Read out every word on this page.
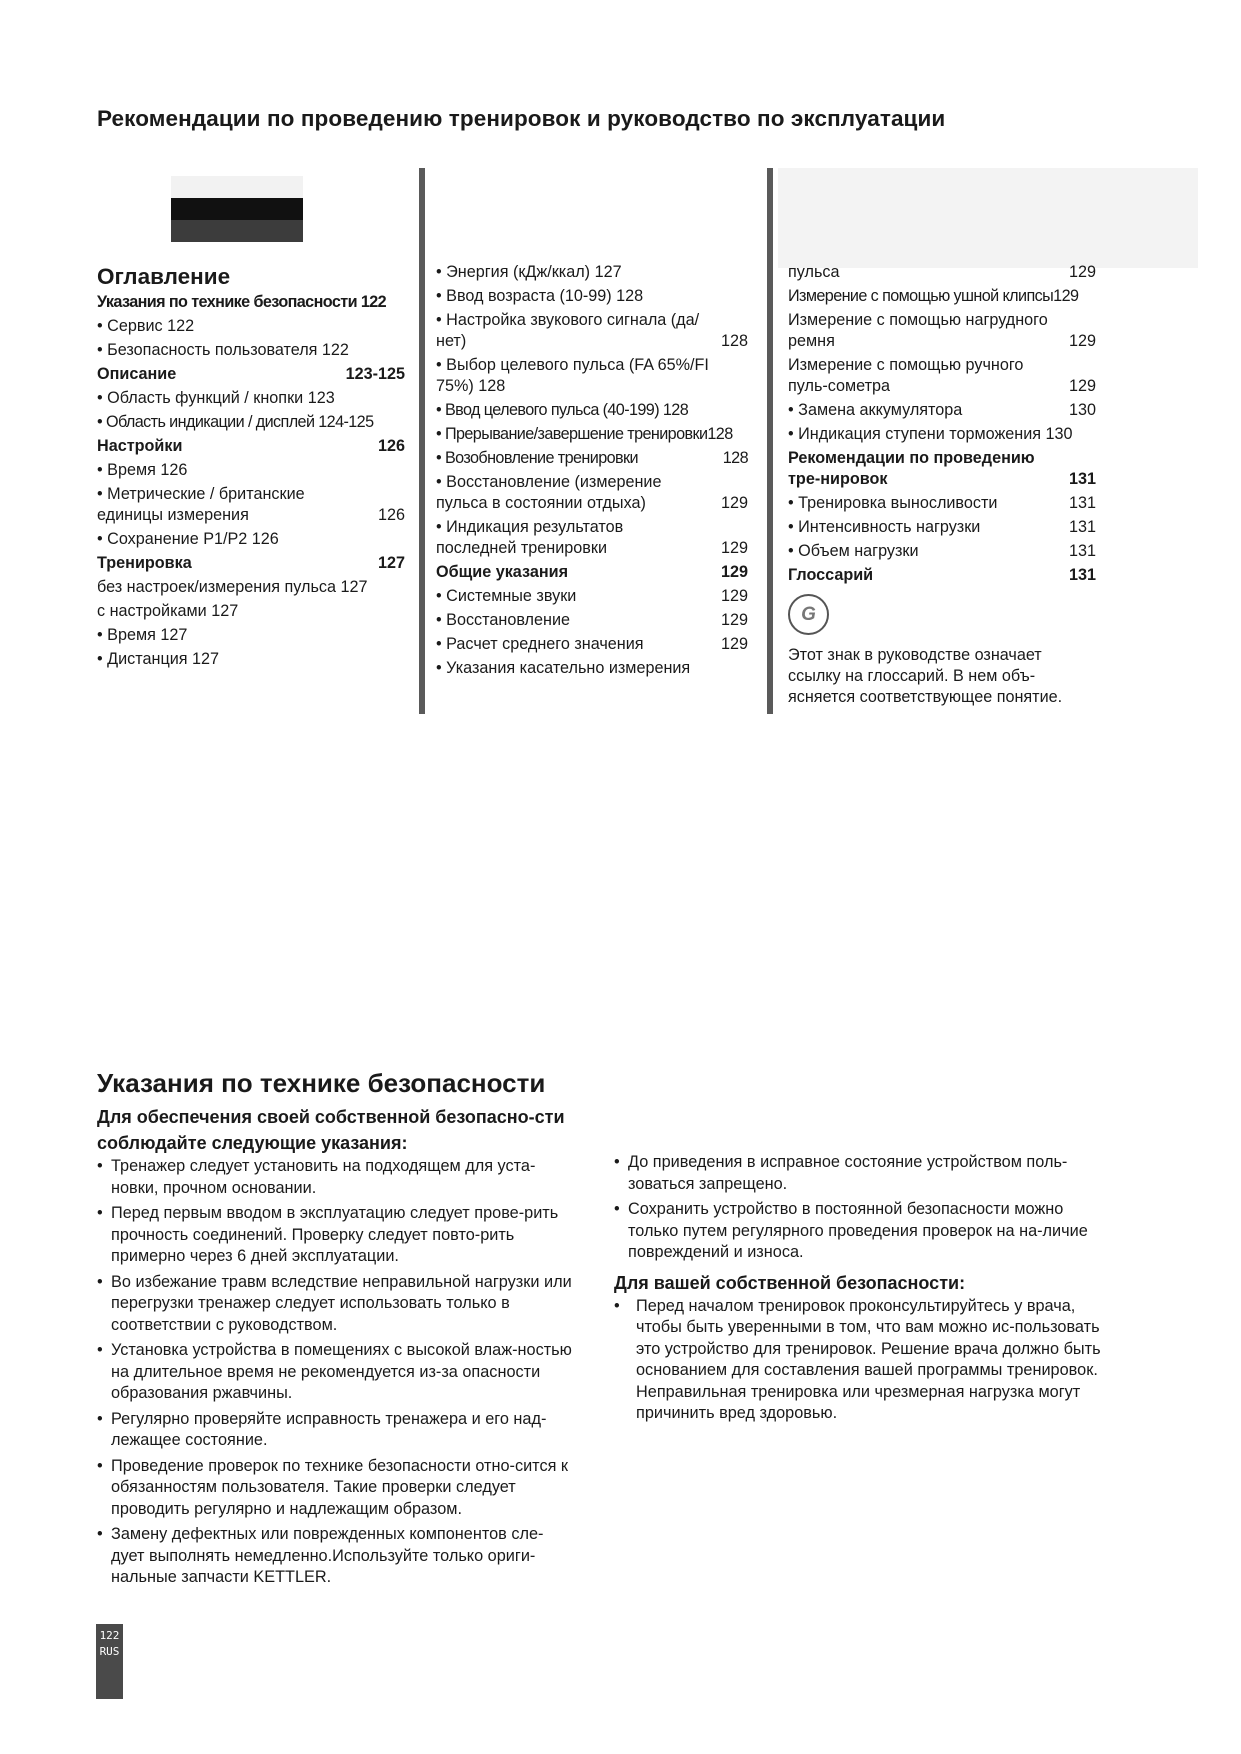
Рекомендации по проведению тренировок и руководство по эксплуатации
Оглавление
Указания по технике безопасности 122
• Сервис 122
• Безопасность пользователя 122
Описание	123-125
• Область функций / кнопки 123
• Область индикации / дисплей 124-125
Настройки	126
• Время 126
• Метрические / британские единицы измерения	126
• Сохранение P1/P2 126
Тренировка	127
без настроек/измерения пульса 127
с настройками 127
• Время 127
• Дистанция 127
• Энергия (кДж/ккал) 127
• Ввод возраста (10-99) 128
• Настройка звукового сигнала (да/нет)	128
• Выбор целевого пульса (FA 65%/FI 75%) 128
• Ввод целевого пульса (40-199) 128
• Прерывание/завершение тренировки128
• Возобновление тренировки	128
• Восстановление (измерение пульса в состоянии отдыха)	129
• Индикация результатов последней тренировки	129
Общие указания	129
• Системные звуки	129
• Восстановление	129
• Расчет среднего значения	129
• Указания касательно измерения
пульса	129
Измерение с помощью ушной клипсы129
Измерение с помощью нагрудного ремня	129
Измерение с помощью ручного пуль-сометра	129
• Замена аккумулятора	130
• Индикация ступени торможения 130
Рекомендации по проведению тре-нировок	131
• Тренировка выносливости	131
• Интенсивность нагрузки	131
• Объем нагрузки	131
Глоссарий	131
G
Этот знак в руководстве означает ссылку на глоссарий. В нем объ-ясняется соответствующее понятие.
Указания по технике безопасности

Для обеспечения своей собственной безопасно-сти соблюдайте следующие указания:

• Тренажер следует установить на подходящем для уста-новки, прочном основании.
• Перед первым вводом в эксплуатацию следует прове-рить прочность соединений. Проверку следует повто-рить примерно через 6 дней эксплуатации.
• Во избежание травм вследствие неправильной нагрузки или перегрузки тренажер следует использовать только в соответствии с руководством.
• Установка устройства в помещениях с высокой влаж-ностью на длительное время не рекомендуется из-за опасности образования ржавчины.
• Регулярно проверяйте исправность тренажера и его над-лежащее состояние.
• Проведение проверок по технике безопасности отно-сится к обязанностям пользователя. Такие проверки следует проводить регулярно и надлежащим образом.
• Замену дефектных или поврежденных компонентов сле-дует выполнять немедленно.Используйте только ориги-нальные запчасти KETTLER.
• До приведения в исправное состояние устройством поль-зоваться запрещено.
• Сохранить устройство в постоянной безопасности можно только путем регулярного проведения проверок на на-личие повреждений и износа.

Для вашей собственной безопасности:

• Перед началом тренировок проконсультируйтесь у врача, чтобы быть уверенными в том, что вам можно ис-пользовать это устройство для тренировок. Решение врача должно быть основанием для составления вашей программы тренировок. Неправильная тренировка или чрезмерная нагрузка могут причинить вред здоровью.
122
RUS
